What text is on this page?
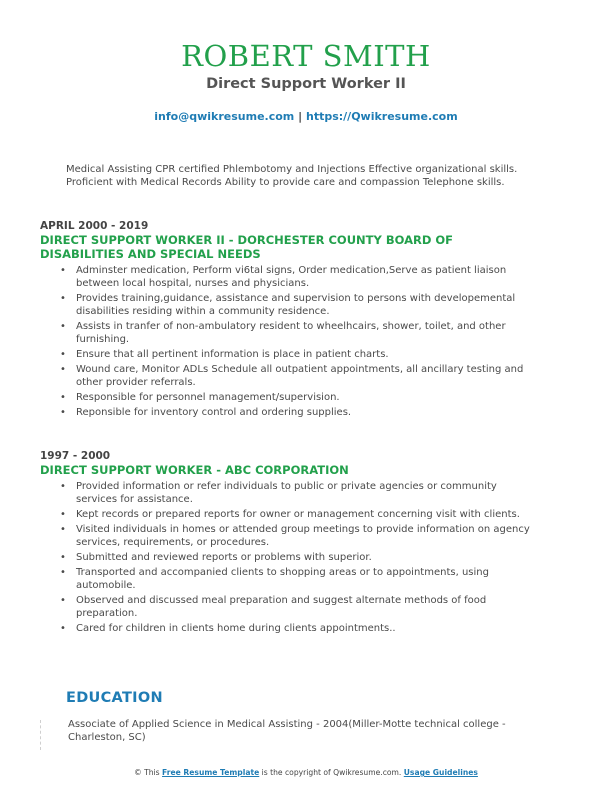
ROBERT SMITH
Direct Support Worker II
info@qwikresume.com | https://Qwikresume.com
Medical Assisting CPR certified Phlembotomy and Injections Effective organizational skills. Proficient with Medical Records Ability to provide care and compassion Telephone skills.
APRIL 2000 - 2019
DIRECT SUPPORT WORKER II - DORCHESTER COUNTY BOARD OF DISABILITIES AND SPECIAL NEEDS
• Adminster medication, Perform vi6tal signs, Order medication,Serve as patient liaison between local hospital, nurses and physicians.
• Provides training,guidance, assistance and supervision to persons with developemental disabilities residing within a community residence.
• Assists in tranfer of non-ambulatory resident to wheelhcairs, shower, toilet, and other furnishing.
• Ensure that all pertinent information is place in patient charts.
• Wound care, Monitor ADLs Schedule all outpatient appointments, all ancillary testing and other provider referrals.
• Responsible for personnel management/supervision.
• Reponsible for inventory control and ordering supplies.
1997 - 2000
DIRECT SUPPORT WORKER - ABC CORPORATION
• Provided information or refer individuals to public or private agencies or community services for assistance.
• Kept records or prepared reports for owner or management concerning visit with clients.
• Visited individuals in homes or attended group meetings to provide information on agency services, requirements, or procedures.
• Submitted and reviewed reports or problems with superior.
• Transported and accompanied clients to shopping areas or to appointments, using automobile.
• Observed and discussed meal preparation and suggest alternate methods of food preparation.
• Cared for children in clients home during clients appointments..
EDUCATION
Associate of Applied Science in Medical Assisting - 2004(Miller-Motte technical college - Charleston, SC)
© This Free Resume Template is the copyright of Qwikresume.com. Usage Guidelines
